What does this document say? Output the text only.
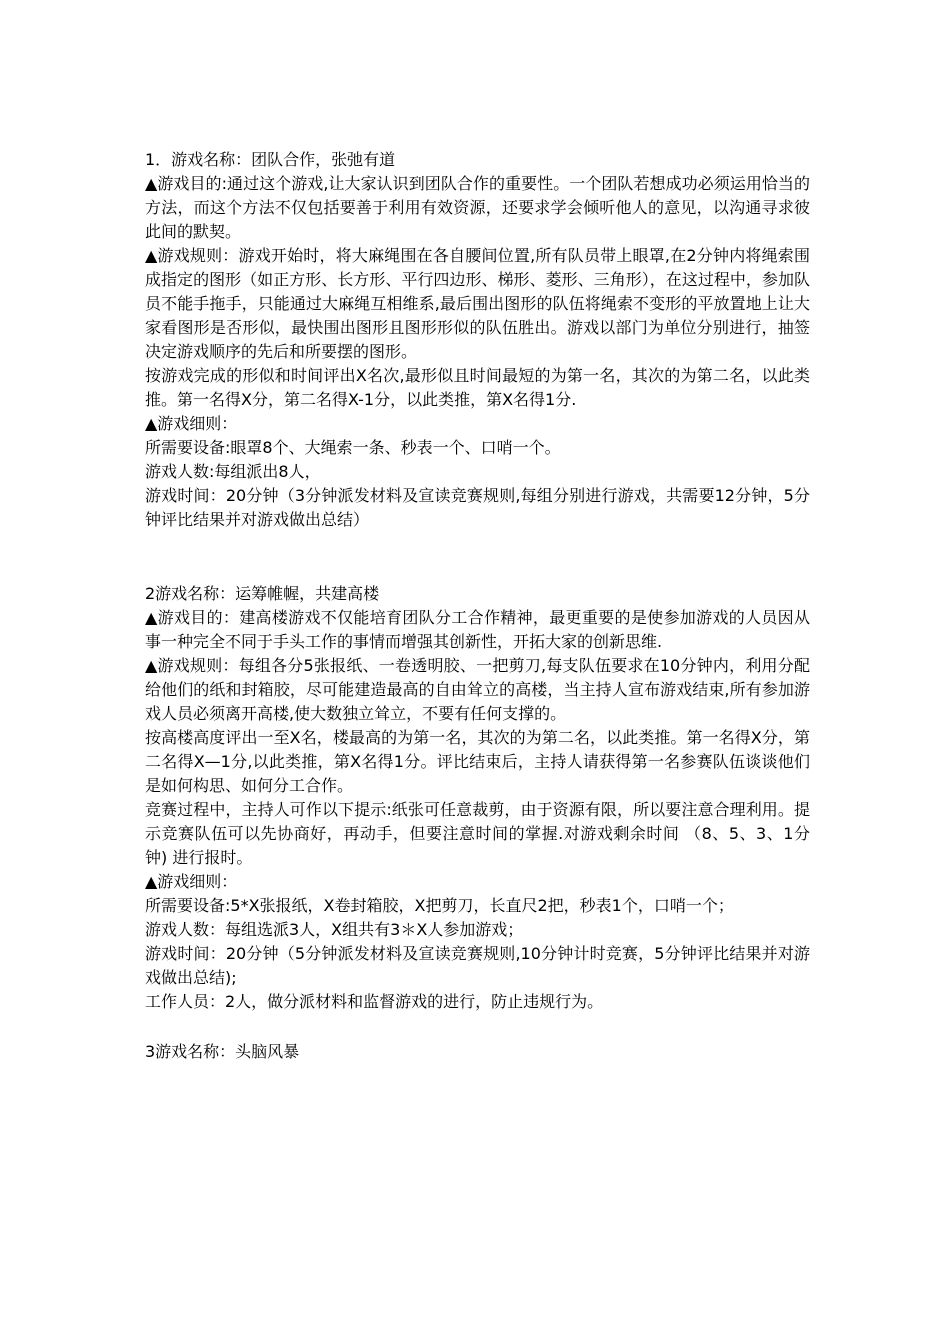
1．游戏名称：团队合作，张弛有道

▲游戏目的:通过这个游戏,让大家认识到团队合作的重要性。一个团队若想成功必须运用恰当的方法，而这个方法不仅包括要善于利用有效资源，还要求学会倾听他人的意见，以沟通寻求彼此间的默契。

▲游戏规则：游戏开始时，将大麻绳围在各自腰间位置,所有队员带上眼罩,在2分钟内将绳索围成指定的图形（如正方形、长方形、平行四边形、梯形、菱形、三角形），在这过程中，参加队员不能手拖手，只能通过大麻绳互相维系,最后围出图形的队伍将绳索不变形的平放置地上让大家看图形是否形似，最快围出图形且图形形似的队伍胜出。游戏以部门为单位分别进行，抽签决定游戏顺序的先后和所要摆的图形。

按游戏完成的形似和时间评出X名次,最形似且时间最短的为第一名，其次的为第二名，以此类推。第一名得X分，第二名得X-1分，以此类推，第X名得1分.

▲游戏细则：

所需要设备:眼罩8个、大绳索一条、秒表一个、口哨一个。

游戏人数:每组派出8人，

游戏时间：20分钟（3分钟派发材料及宣读竞赛规则,每组分别进行游戏，共需要12分钟，5分钟评比结果并对游戏做出总结）

2游戏名称：运筹帷幄，共建高楼

▲游戏目的：建高楼游戏不仅能培育团队分工合作精神，最更重要的是使参加游戏的人员因从事一种完全不同于手头工作的事情而增强其创新性，开拓大家的创新思维.

▲游戏规则：每组各分5张报纸、一卷透明胶、一把剪刀,每支队伍要求在10分钟内，利用分配给他们的纸和封箱胶，尽可能建造最高的自由耸立的高楼，当主持人宣布游戏结束,所有参加游戏人员必须离开高楼,使大数独立耸立，不要有任何支撑的。

按高楼高度评出一至X名，楼最高的为第一名，其次的为第二名，以此类推。第一名得X分，第二名得X—1分,以此类推，第X名得1分。评比结束后，主持人请获得第一名参赛队伍谈谈他们是如何构思、如何分工合作。

竞赛过程中，主持人可作以下提示:纸张可任意裁剪，由于资源有限，所以要注意合理利用。提示竞赛队伍可以先协商好，再动手，但要注意时间的掌握.对游戏剩余时间 （8、5、3、1分钟) 进行报时。

▲游戏细则：

所需要设备:5*X张报纸，X卷封箱胶，X把剪刀，长直尺2把，秒表1个，口哨一个；

游戏人数：每组选派3人，X组共有3＊X人参加游戏；

游戏时间：20分钟（5分钟派发材料及宣读竞赛规则,10分钟计时竞赛，5分钟评比结果并对游戏做出总结);

工作人员：2人，做分派材料和监督游戏的进行，防止违规行为。

3游戏名称：头脑风暴
